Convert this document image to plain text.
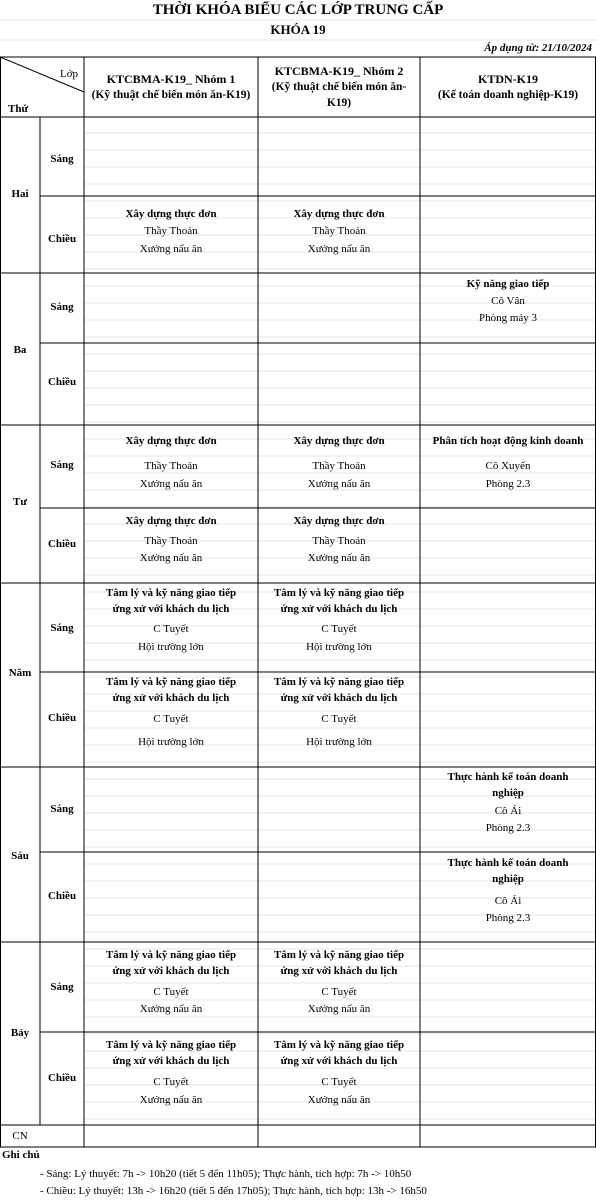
THỜI KHÓA BIỂU CÁC LỚP TRUNG CẤP
KHÓA 19
Áp dụng từ: 21/10/2024
Lớp
Thứ
KTCBMA-K19_ Nhóm 1
(Kỹ thuật chế biến món ăn-K19)
KTCBMA-K19_ Nhóm 2
(Kỹ thuật chế biến món ăn-
K19)
KTDN-K19
(Kế toán doanh nghiệp-K19)
Hai
Ba
Tư
Năm
Sáu
Bảy
CN
Sáng
Chiều
Sáng
Chiều
Sáng
Chiều
Sáng
Chiều
Sáng
Chiều
Sáng
Chiều
Xây dựng thực đơn
Thầy Thoản
Xưởng nấu ăn
Xây dựng thực đơn
Thầy Thoản
Xưởng nấu ăn
Kỹ năng giao tiếp
Cô Vân
Phòng máy 3
Xây dựng thực đơn
Thầy Thoản
Xưởng nấu ăn
Xây dựng thực đơn
Thầy Thoản
Xưởng nấu ăn
Phân tích hoạt động kinh doanh
Cô Xuyến
Phòng 2.3
Xây dựng thực đơn
Thầy Thoản
Xưởng nấu ăn
Xây dựng thực đơn
Thầy Thoản
Xưởng nấu ăn
Tâm lý và kỹ năng giao tiếp
ứng xử với khách du lịch
C Tuyết
Hội trường lớn
Tâm lý và kỹ năng giao tiếp
ứng xử với khách du lịch
C Tuyết
Hội trường lớn
Tâm lý và kỹ năng giao tiếp
ứng xử với khách du lịch
C Tuyết
Hội trường lớn
Tâm lý và kỹ năng giao tiếp
ứng xử với khách du lịch
C Tuyết
Hội trường lớn
Thực hành kế toán doanh
nghiệp
Cô Ái
Phòng 2.3
Thực hành kế toán doanh
nghiệp
Cô Ái
Phòng 2.3
Tâm lý và kỹ năng giao tiếp
ứng xử với khách du lịch
C Tuyết
Xưởng nấu ăn
Tâm lý và kỹ năng giao tiếp
ứng xử với khách du lịch
C Tuyết
Xưởng nấu ăn
Tâm lý và kỹ năng giao tiếp
ứng xử với khách du lịch
C Tuyết
Xưởng nấu ăn
Tâm lý và kỹ năng giao tiếp
ứng xử với khách du lịch
C Tuyết
Xưởng nấu ăn
Ghi chú
- Sáng: Lý thuyết: 7h -> 10h20 (tiết 5 đến 11h05); Thực hành, tích hợp: 7h -> 10h50
- Chiều: Lý thuyết: 13h -> 16h20 (tiết 5 đến 17h05); Thực hành, tích hợp: 13h -> 16h50
